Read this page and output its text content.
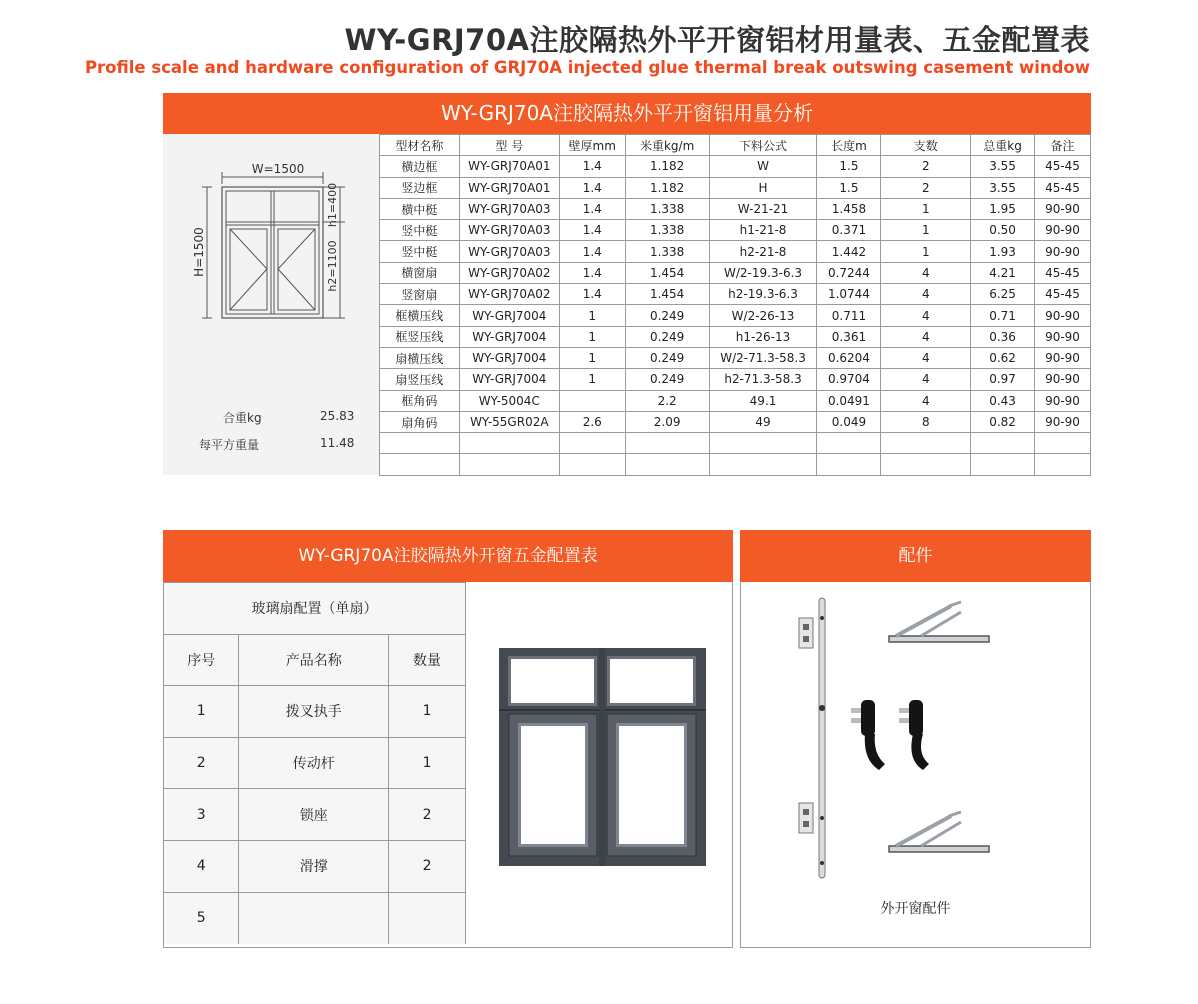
WY-GRJ70A注胶隔热外平开窗铝材用量表、五金配置表
Profile scale and hardware configuration of GRJ70A injected glue thermal break outswing casement window
WY-GRJ70A注胶隔热外平开窗铝用量分析
W=1500
H=1500
h1=400
h2=1100
合重kg	25.83
每平方重量	11.48
型材名称	型 号	壁厚mm	米重kg/m	下料公式	长度m	支数	总重kg	备注
横边框	WY-GRJ70A01	1.4	1.182	W	1.5	2	3.55	45-45
竖边框	WY-GRJ70A01	1.4	1.182	H	1.5	2	3.55	45-45
横中梃	WY-GRJ70A03	1.4	1.338	W-21-21	1.458	1	1.95	90-90
竖中梃	WY-GRJ70A03	1.4	1.338	h1-21-8	0.371	1	0.50	90-90
竖中梃	WY-GRJ70A03	1.4	1.338	h2-21-8	1.442	1	1.93	90-90
横窗扇	WY-GRJ70A02	1.4	1.454	W/2-19.3-6.3	0.7244	4	4.21	45-45
竖窗扇	WY-GRJ70A02	1.4	1.454	h2-19.3-6.3	1.0744	4	6.25	45-45
框横压线	WY-GRJ7004	1	0.249	W/2-26-13	0.711	4	0.71	90-90
框竖压线	WY-GRJ7004	1	0.249	h1-26-13	0.361	4	0.36	90-90
扇横压线	WY-GRJ7004	1	0.249	W/2-71.3-58.3	0.6204	4	0.62	90-90
扇竖压线	WY-GRJ7004	1	0.249	h2-71.3-58.3	0.9704	4	0.97	90-90
框角码	WY-5004C		2.2	49.1	0.0491	4	0.43	90-90
扇角码	WY-55GR02A	2.6	2.09	49	0.049	8	0.82	90-90

WY-GRJ70A注胶隔热外开窗五金配置表
玻璃扇配置（单扇）		
序号	产品名称	数量
1	拨叉执手	1
2	传动杆	1
3	锁座	2
4	滑撑	2
5		
配件
外开窗配件
